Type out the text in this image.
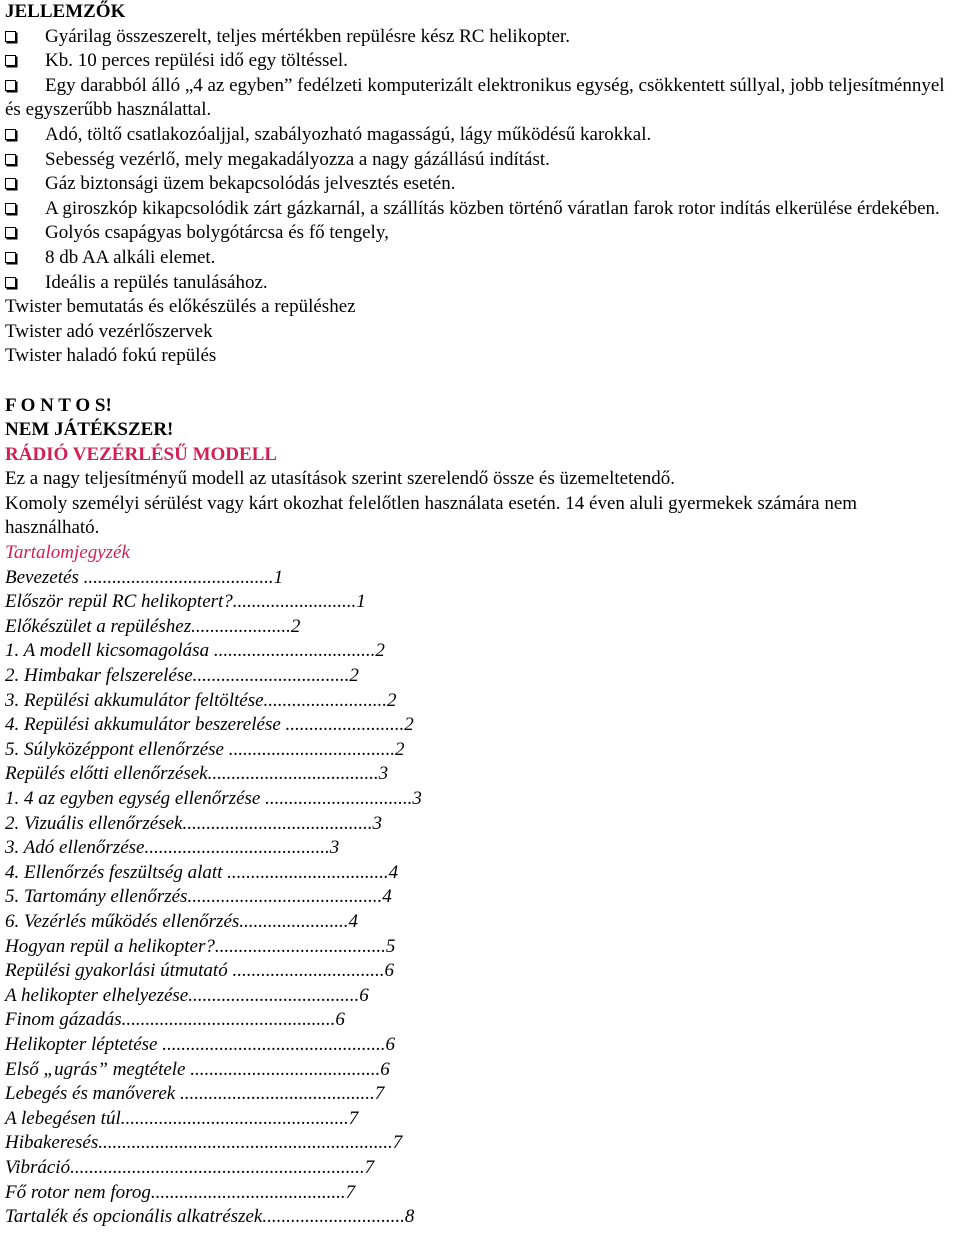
JELLEMZŐK
Gyárilag összeszerelt, teljes mértékben repülésre kész RC helikopter.
Kb. 10 perces repülési idő egy töltéssel.
Egy darabból álló „4 az egyben” fedélzeti komputerizált elektronikus egység, csökkentett súllyal, jobb teljesítménnyel és egyszerűbb használattal.
Adó, töltő csatlakozóaljjal, szabályozható magasságú, lágy működésű karokkal.
Sebesség vezérlő, mely megakadályozza a nagy gázállású indítást.
Gáz biztonsági üzem bekapcsolódás jelvesztés esetén.
A giroszkóp kikapcsolódik zárt gázkarnál, a szállítás közben történő váratlan farok rotor indítás elkerülése érdekében.
Golyós csapágyas bolygótárcsa és fő tengely,
8 db AA alkáli elemet.
Ideális a repülés tanulásához.
Twister bemutatás és előkészülés a repüléshez
Twister adó vezérlőszervek
Twister haladó fokú repülés
F O N T O S!
NEM JÁTÉKSZER!
RÁDIÓ VEZÉRLÉSŰ MODELL
Ez a nagy teljesítményű modell az utasítások szerint szerelendő össze és üzemeltetendő.
Komoly személyi sérülést vagy kárt okozhat felelőtlen használata esetén. 14 éven aluli gyermekek számára nem használható.
Tartalomjegyzék
Bevezetés ........................................1
Először repül RC helikoptert?..........................1
Előkészület a repüléshez.....................2
1. A modell kicsomagolása ..................................2
2. Himbakar felszerelése.................................2
3. Repülési akkumulátor feltöltése..........................2
4. Repülési akkumulátor beszerelése .........................2
5. Súlyközéppont ellenőrzése ...................................2
Repülés előtti ellenőrzések....................................3
1. 4 az egyben egység ellenőrzése ...............................3
2. Vizuális ellenőrzések........................................3
3. Adó ellenőrzése.......................................3
4. Ellenőrzés feszültség alatt ..................................4
5. Tartomány ellenőrzés.........................................4
6. Vezérlés működés ellenőrzés.......................4
Hogyan repül a helikopter?....................................5
Repülési gyakorlási útmutató ................................6
A helikopter elhelyezése....................................6
Finom gázadás.............................................6
Helikopter léptetése ...............................................6
Első „ugrás” megtétele ........................................6
Lebegés és manőverek .........................................7
A lebegésen túl................................................7
Hibakeresés..............................................................7
Vibráció..............................................................7
Fő rotor nem forog.........................................7
Tartalék és opcionális alkatrészek..............................8
